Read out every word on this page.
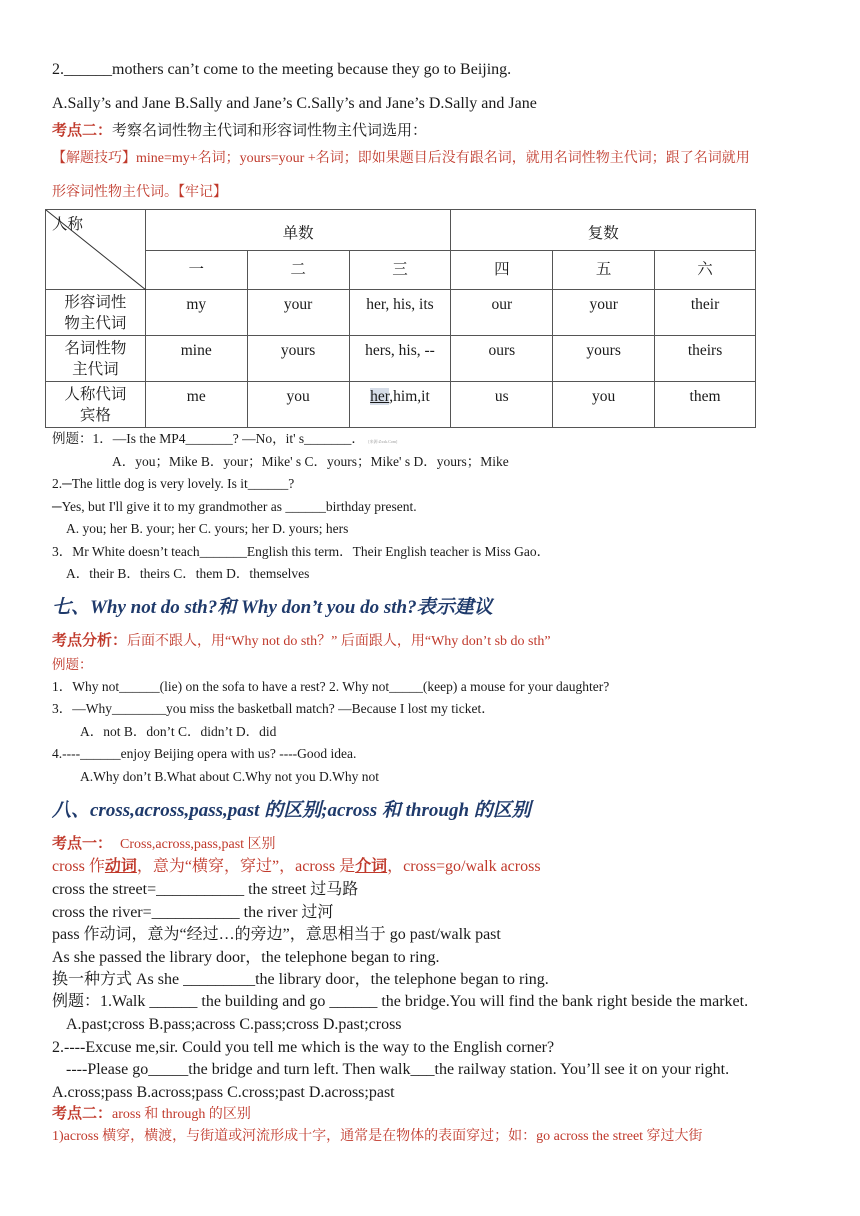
2.______mothers can’t come to the meeting because they go to Beijing.
A.Sally’s and Jane B.Sally and Jane’s C.Sally’s and Jane’s D.Sally and Jane
考点二：考察名词性物主代词和形容词性物主代词选用：
【解题技巧】mine=my+名词；yours=your +名词；即如果题目后没有跟名词，就用名词性物主代词；跟了名词就用
形容词性物主代词。【牢记】
人称	单数			复数		
	一	二	三	四	五	六
形容词性
物主代词	my	your	her, his, its	our	your	their
名词性物
主代词	mine	yours	hers, his, --	ours	yours	theirs
人称代词
宾格	me	you	her,him,it	us	you	them
例题：1．—Is the MP4_______? —No，it' s_______． [来源:Zxxk.Com]
A．you；Mike B．your；Mike' s C．yours；Mike' s D．yours；Mike
2.─The little dog is very lovely. Is it______?
─Yes, but I'll give it to my grandmother as ______birthday present.
A. you; her B. your; her C. yours; her D. yours; hers
3．Mr White doesn’t teach_______English this term．Their English teacher is Miss Gao．
A．their B．theirs C．them D．themselves
七、Why not do sth?和 Why don’t you do sth?表示建议
考点分析：后面不跟人，用“Why not do sth？” 后面跟人，用“Why don’t sb do sth”
例题：
1．Why not______(lie) on the sofa to have a rest? 2. Why not_____(keep) a mouse for your daughter?
3．—Why________you miss the basketball match? —Because I lost my ticket．
A．not B．don’t C．didn’t D．did
4.----______enjoy Beijing opera with us? ----Good idea.
A.Why don’t B.What about C.Why not you D.Why not
八、cross,across,pass,past 的区别;across 和 through 的区别
考点一： Cross,across,pass,past 区别
cross 作动词，意为“横穿，穿过”，across 是介词，cross=go/walk across
cross the street=___________ the street 过马路
cross the river=___________ the river 过河
pass 作动词，意为“经过…的旁边”，意思相当于 go past/walk past
As she passed the library door，the telephone began to ring.
换一种方式 As she _________the library door，the telephone began to ring.
例题：1.Walk ______ the building and go ______ the bridge.You will find the bank right beside the market.
A.past;cross B.pass;across C.pass;cross D.past;cross
2.----Excuse me,sir. Could you tell me which is the way to the English corner?
----Please go_____the bridge and turn left. Then walk___the railway station. You’ll see it on your right.
A.cross;pass B.across;pass C.cross;past D.across;past
考点二：aross 和 through 的区别
1)across 横穿，横渡，与街道或河流形成十字，通常是在物体的表面穿过；如：go across the street 穿过大街
